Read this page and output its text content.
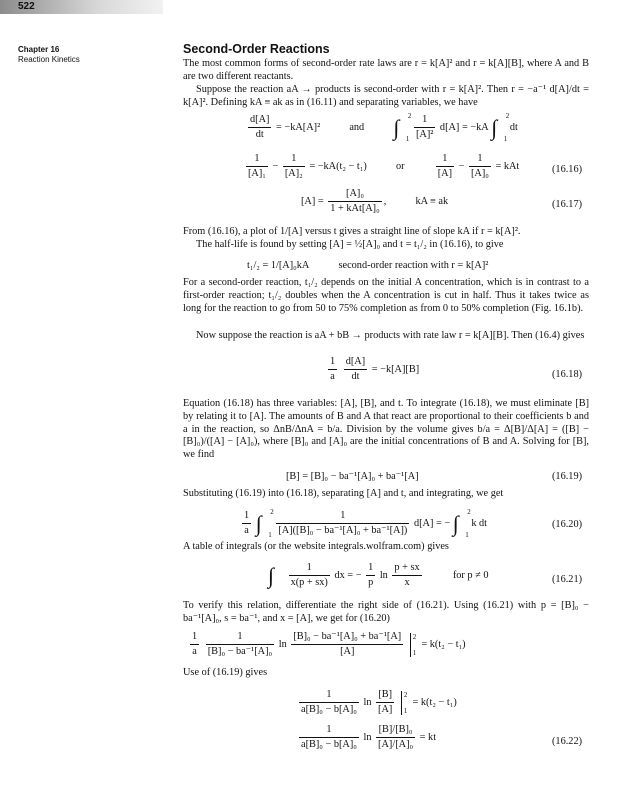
522
Chapter 16
Reaction Kinetics
Second-Order Reactions

The most common forms of second-order rate laws are r = k[A]² and r = k[A][B], where A and B are two different reactants.

Suppose the reaction aA → products is second-order with r = k[A]². Then r = −a⁻¹ d[A]/dt = k[A]². Defining kA ≡ ak as in (16.11) and separating variables, we have

$\frac{d[A]}{dt} = -kA[A]^2$	and ∫ 2
1
$\frac{1}{\text{[A]²}} d[A] = -kA$ ∫ 2
1
dt
$\frac{1}{\text{[A]₁}} - \frac{1}{\text{[A]₂}} = -kA(t_2 - t_1)$	or	$\frac{1}{[A]} - \frac{1}{\text{[A]₀}}$ = kAt	(16.16)
$[A] = \frac{\text{[A]₀}}{\text{1 + kAt[A]₀}}$ ,	kA ≡ ak	(16.17)

From (16.16), a plot of 1/[A] versus t gives a straight line of slope kA if r = k[A]².

The half-life is found by setting [A] = ½[A]₀ and t = t₁/₂ in (16.16), to give

t₁/₂ = 1/[A]₀kA	second-order reaction with r = k[A]²

For a second-order reaction, t₁/₂ depends on the initial A concentration, which is in contrast to a first-order reaction; t₁/₂ doubles when the A concentration is cut in half. Thus it takes twice as long for the reaction to go from 50 to 75% completion as from 0 to 50% completion (Fig. 16.1b).

Now suppose the reaction is aA + bB → products with rate law r = k[A][B]. Then (16.4) gives

$\frac{1}{a}$
$\frac{d[A]}{dt} = -k[A][B]$	(16.18)

Equation (16.18) has three variables: [A], [B], and t. To integrate (16.18), we must eliminate [B] by relating it to [A]. The amounts of B and A that react are proportional to their coefficients b and a in the reaction, so ΔnB/ΔnA = b/a. Division by the volume gives b/a = Δ[B]/Δ[A] = ([B] − [B]₀)/([A] − [A]₀), where [B]₀ and [A]₀ are the initial concentrations of B and A. Solving for [B], we find

[B] = [B]₀ − ba⁻¹[A]₀ + ba⁻¹[A]	(16.19)

Substituting (16.19) into (16.18), separating [A] and t, and integrating, we get

$\frac{1}{a}$ ∫ 2
1
$\frac{1}{\text{[A]([B]₀ − ba⁻¹[A]₀ + ba⁻¹[A])}} d[A]$ = − ∫ 2
1
k dt	(16.20)

A table of integrals (or the website integrals.wolfram.com) gives

∫ $\frac{1}{x(p + sx)}$ dx = − $\frac{1}{p}$ $\ln \frac{p + sx}{x}$	for p ≠ 0	(16.21)

To verify this relation, differentiate the right side of (16.21). Using (16.21) with p = [B]₀ − ba⁻¹[A]₀, s = ba⁻¹, and x = [A], we get for (16.20)

$\frac{1}{a}$
$\frac{1}{\text{[B]₀ − ba⁻¹[A]₀}}$ $\ln \frac{\text{[B]₀ − ba⁻¹[A]₀ + ba⁻¹[A]}}{[A]}$
2
1
= k(t₂ − t₁)

Use of (16.19) gives

$\frac{1}{\text{a[B]₀ − b[A]₀}}$ $\ln \frac{[B]}{[A]}$
2
1
= k(t₂ − t₁)
$\frac{1}{\text{a[B]₀ − b[A]₀}}$ $\ln \frac{\text{[B]/[B]₀}}{\text{[A]/[A]₀}}$ = kt	(16.22)
